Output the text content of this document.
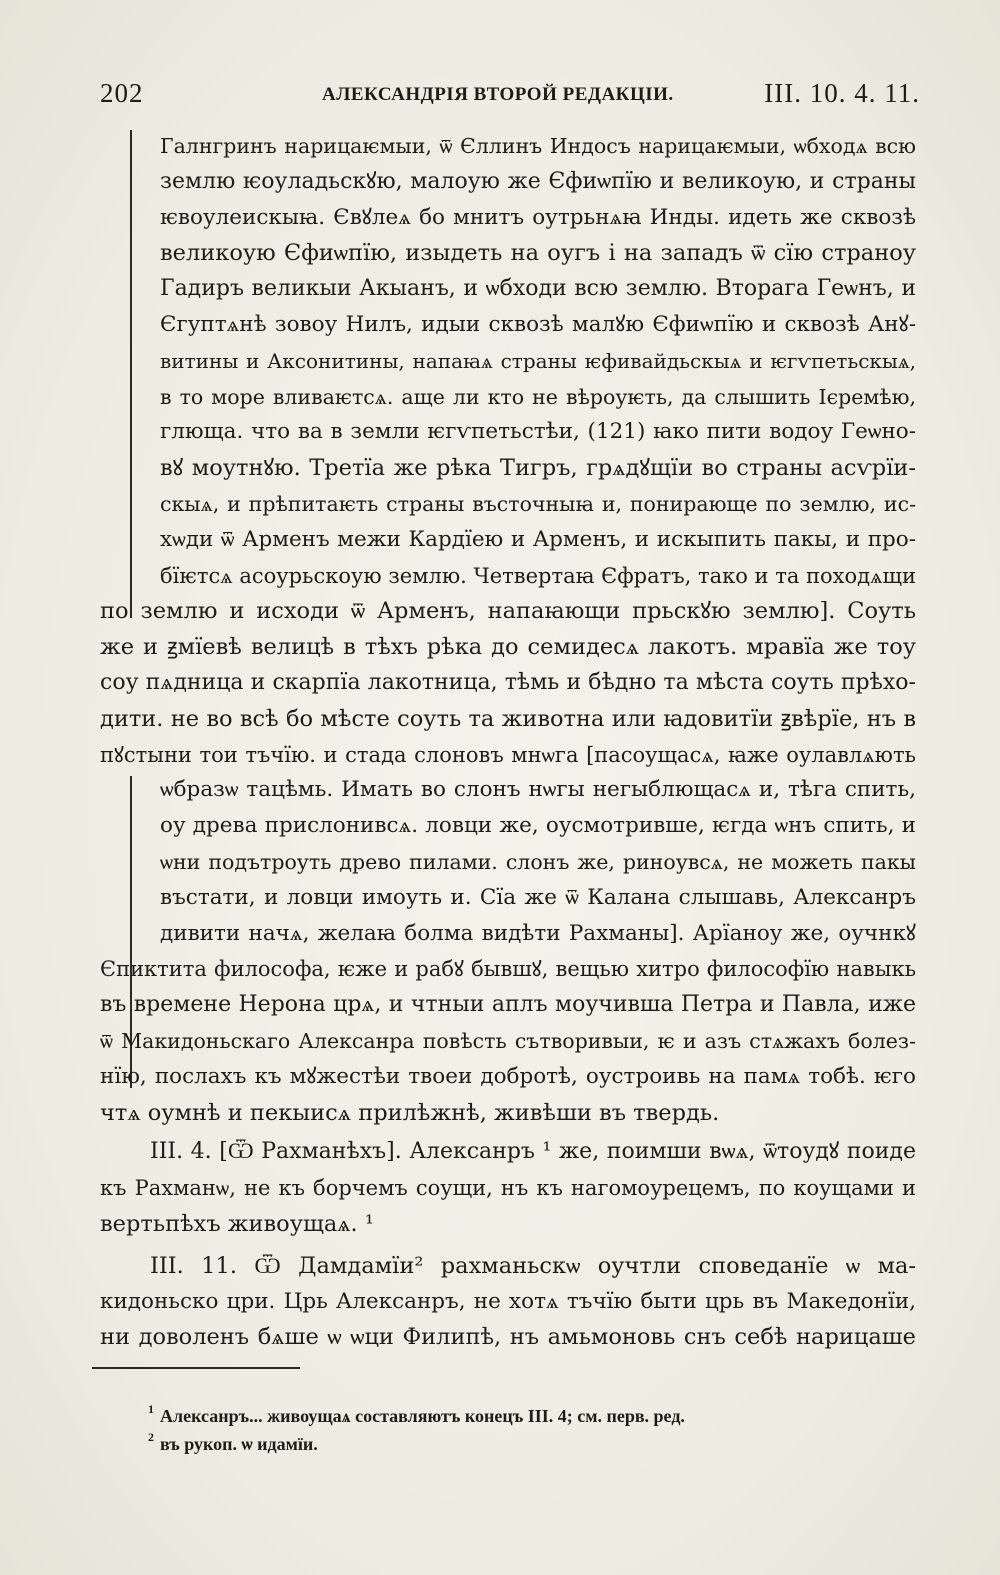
202	АЛЕКСАНДРІЯ ВТОРОЙ РЕДАКЦІИ.	III. 10. 4. 11.
Галнгринъ нарицаѥмыи, ѿ Єллинъ Индосъ нарицаѥмыи, ѡбходѧ всю
землю ѥоуладьскꙋю, малоую же Єфиѡпїю и великоую, и страны
ѥвоулеискыꙗ. Євꙋлеѧ бо мнитъ оутрьнѧꙗ Инды. идеть же сквозѣ
великоую Єфиѡпїю, изыдеть на оугъ і на западъ ѿ сїю страноу
Гадиръ великыи Акыанъ, и ѡбходи всю землю. Вторага Геѡнъ, и
Єгуптѧнѣ зовоу Нилъ, идыи сквозѣ малꙋю Єфиѡпїю и сквозѣ Анꙋ-
витины и Аксонитины, напаꙗѧ страны ѥфивайдьскыѧ и ѥгѵпетьскыѧ,
в то море вливаѥтсѧ. аще ли кто не вѣроуѥть, да слышить Ієремѣю,
глюща. что ва в земли ѥгѵпетьстѣи, (121) ꙗко пити водоу Геѡно-
вꙋ моутнꙋю. Третїа же рѣка Тигръ, грѧдꙋщїи во страны асѵрїи-
скыѧ, и прѣпитаѥть страны въсточныꙗ и, понирающе по землю, ис-
хѡди ѿ Арменъ межи Кардїею и Арменъ, и искыпить пакы, и про-
бїѥтсѧ асоурьскоую землю. Четвертаꙗ Єфратъ, тако и та походѧщи
по землю и исходи ѿ Арменъ, напаꙗющи прьскꙋю землю]. Соуть
же и ꙃмїевѣ велицѣ в тѣхъ рѣка до семидесѧ лакотъ. мравїа же тоу
соу пѧдница и скарпїа лакотница, тѣмь и бѣдно та мѣста соуть прѣхо-
дити. не во всѣ бо мѣсте соуть та животна или ꙗдовитїи ꙃвѣрїе, нъ в
пꙋстыни тои тъчїю. и стада слоновъ мнѡга [пасоущасѧ, ꙗже оулавлѧють
ѡбразѡ тацѣмь. Имать во слонъ нѡгы негыблющасѧ и, тѣга спить,
оу древа прислонивсѧ. ловци же, оусмотривше, ѥгда ѡнъ спить, и
ѡни подътроуть древо пилами. слонъ же, риноувсѧ, не можеть пакы
въстати, и ловци имоуть и. Сїа же ѿ Калана слышавь, Алексанръ
дивити начѧ, желаꙗ болма видѣти Рахманы]. Арїаноу же, оучнкꙋ
Єпиктита философа, ѥже и рабꙋ бывшꙋ, вещью хитро философїю навыкь
въ времене Нерона црѧ, и чтныи аплъ моучивша Петра и Павла, иже
ѿ Макидоньскаго Алексанра повѣсть сътворивыи, ѥ и азъ стѧжахъ болез-
нїю, послахъ къ мꙋжестѣи твоеи добротѣ, оустроивь на памѧ тобѣ. ѥго
чтѧ оумнѣ и пекыисѧ прилѣжнѣ, живѣши въ твердь.
III. 4. [Ѿ Рахманѣхъ]. Алексанръ ¹ же, поимши вѡѧ, ѿтоудꙋ поиде
къ Рахманѡ, не къ борчемъ соущи, нъ къ нагомоурецемъ, по коущами и
вертьпѣхъ живоущаѧ. ¹
III. 11. Ѿ Дамдамїи² рахманьскѡ оучтли споведанїе ѡ ма-
кидоньско цри. Црь Алексанръ, не хотѧ тъчїю быти црь въ Македонїи,
ни доволенъ бѧше ѡ ѡци Филипѣ, нъ амьмоновь снъ себѣ нарицаше
$^1$ Алексанръ... живоущаѧ составляютъ конецъ III. 4; см. перв. ред.
$^2$ въ рукоп. ѡ идамїи.
